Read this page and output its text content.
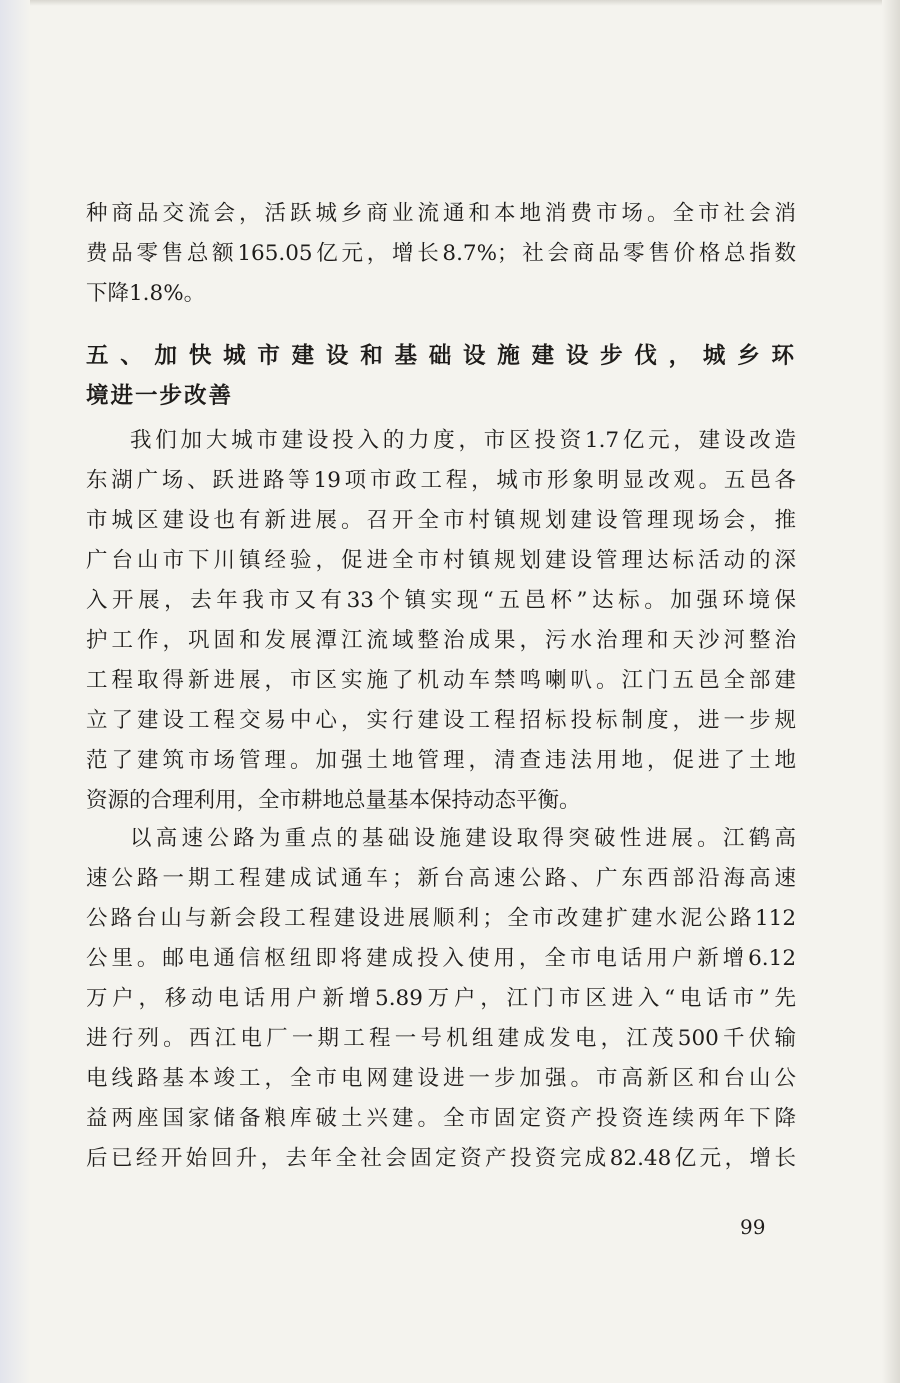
种商品交流会，活跃城乡商业流通和本地消费市场。全市社会消
费品零售总额165.05亿元，增长8.7%；社会商品零售价格总指数
下降1.8%。
五、加快城市建设和基础设施建设步伐，城乡环
境进一步改善
我们加大城市建设投入的力度，市区投资1.7亿元，建设改造
东湖广场、跃进路等19项市政工程，城市形象明显改观。五邑各
市城区建设也有新进展。召开全市村镇规划建设管理现场会，推
广台山市下川镇经验，促进全市村镇规划建设管理达标活动的深
入开展，去年我市又有33个镇实现“五邑杯”达标。加强环境保
护工作，巩固和发展潭江流域整治成果，污水治理和天沙河整治
工程取得新进展，市区实施了机动车禁鸣喇叭。江门五邑全部建
立了建设工程交易中心，实行建设工程招标投标制度，进一步规
范了建筑市场管理。加强土地管理，清查违法用地，促进了土地
资源的合理利用，全市耕地总量基本保持动态平衡。
以高速公路为重点的基础设施建设取得突破性进展。江鹤高
速公路一期工程建成试通车；新台高速公路、广东西部沿海高速
公路台山与新会段工程建设进展顺利；全市改建扩建水泥公路112
公里。邮电通信枢纽即将建成投入使用，全市电话用户新增6.12
万户，移动电话用户新增5.89万户，江门市区进入“电话市”先
进行列。西江电厂一期工程一号机组建成发电，江茂500千伏输
电线路基本竣工，全市电网建设进一步加强。市高新区和台山公
益两座国家储备粮库破土兴建。全市固定资产投资连续两年下降
后已经开始回升，去年全社会固定资产投资完成82.48亿元，增长
99
